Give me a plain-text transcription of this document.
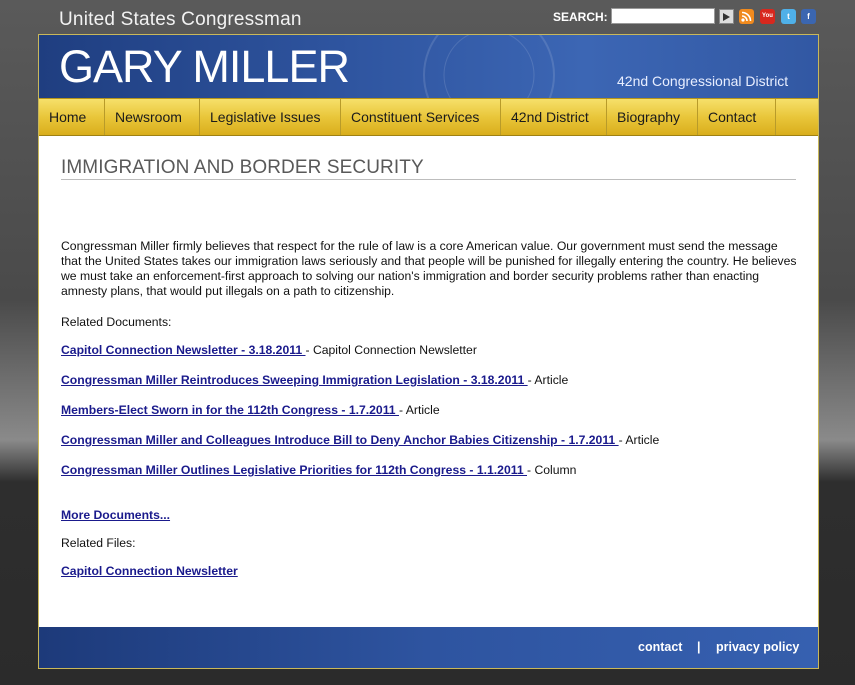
United States Congressman	SEARCH:	You	t	f
GARY MILLER	42nd Congressional District
Home	Newsroom	Legislative Issues	Constituent Services	42nd District	Biography	Contact
IMMIGRATION AND BORDER SECURITY

Congressman Miller firmly believes that respect for the rule of law is a core American value. Our government must send the message that the United States takes our immigration laws seriously and that people will be punished for illegally entering the country. He believes we must take an enforcement-first approach to solving our nation's immigration and border security problems rather than enacting amnesty plans, that would put illegals on a path to citizenship.

Related Documents:
Capitol Connection Newsletter - 3.18.2011 - Capitol Connection Newsletter
Congressman Miller Reintroduces Sweeping Immigration Legislation - 3.18.2011 - Article
Members-Elect Sworn in for the 112th Congress - 1.7.2011 - Article
Congressman Miller and Colleagues Introduce Bill to Deny Anchor Babies Citizenship - 1.7.2011 - Article
Congressman Miller Outlines Legislative Priorities for 112th Congress - 1.1.2011 - Column
More Documents...
Related Files:
Capitol Connection Newsletter
contact | privacy policy
